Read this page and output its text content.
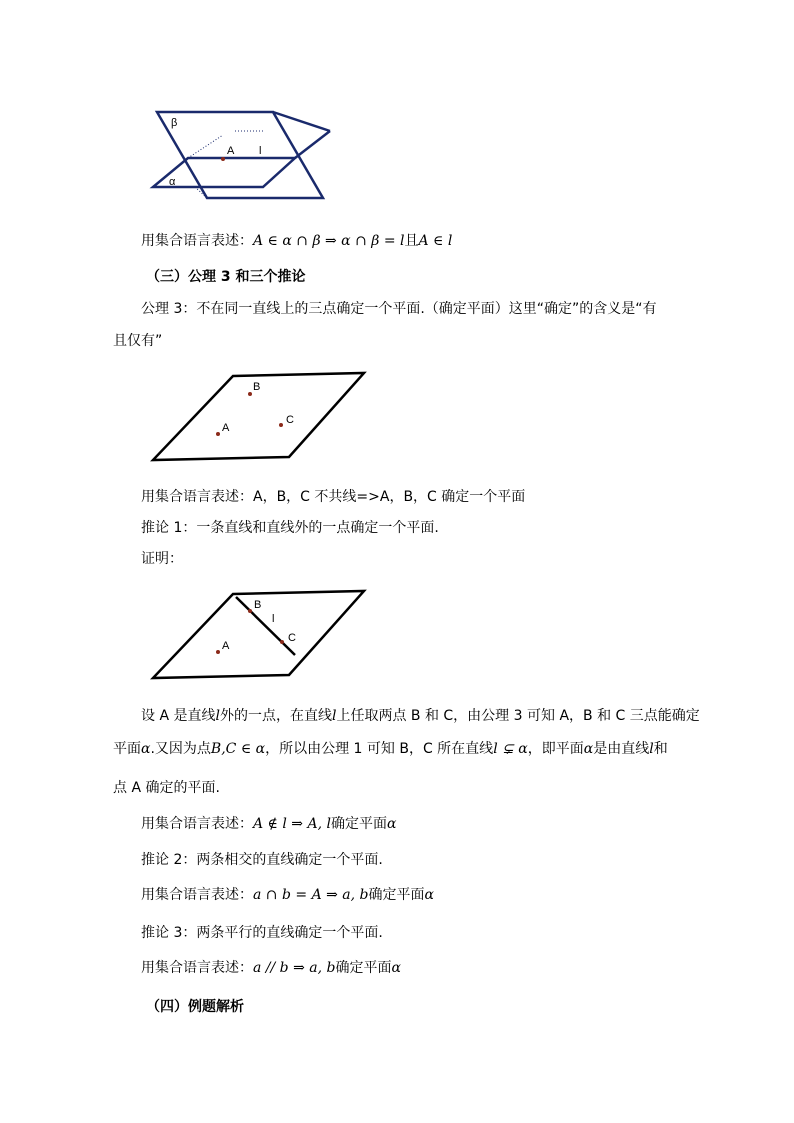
β
α
A l
用集合语言表述：A ∈ α ∩ β ⇒ α ∩ β = l且A ∈ l
（三）公理 3 和三个推论
公理 3：不在同一直线上的三点确定一个平面.（确定平面）这里“确定”的含义是“有
且仅有”
B
A
C
用集合语言表述：A，B，C 不共线=>A，B，C 确定一个平面
推论 1：一条直线和直线外的一点确定一个平面.
证明：
B
l
C
A
设 A 是直线l外的一点，在直线l上任取两点 B 和 C，由公理 3 可知 A，B 和 C 三点能确定
平面α.又因为点B,C ∈ α，所以由公理 1 可知 B，C 所在直线l ⊊ α，即平面α是由直线l和
点 A 确定的平面.
用集合语言表述：A ∉ l ⇒ A, l确定平面α
推论 2：两条相交的直线确定一个平面.
用集合语言表述：a ∩ b = A ⇒ a, b确定平面α
推论 3：两条平行的直线确定一个平面.
用集合语言表述：a // b ⇒ a, b确定平面α
（四）例题解析
